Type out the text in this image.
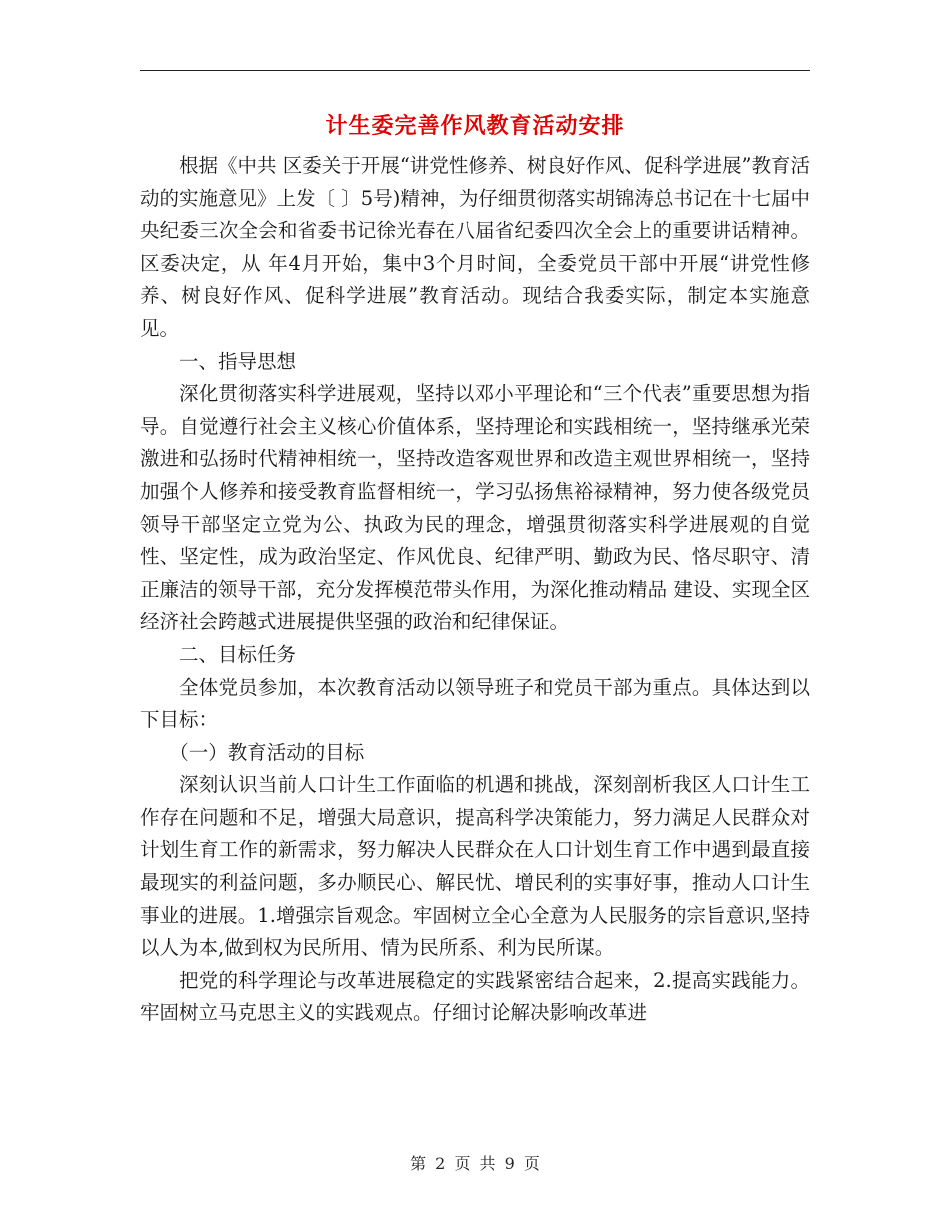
计生委完善作风教育活动安排

根据《中共 区委关于开展“讲党性修养、树良好作风、促科学进展”教育活动的实施意见》上发〔 〕5号)精神，为仔细贯彻落实胡锦涛总书记在十七届中央纪委三次全会和省委书记徐光春在八届省纪委四次全会上的重要讲话精神。区委决定，从 年4月开始，集中3个月时间，全委党员干部中开展“讲党性修养、树良好作风、促科学进展”教育活动。现结合我委实际，制定本实施意见。

一、指导思想

深化贯彻落实科学进展观，坚持以邓小平理论和“三个代表”重要思想为指导。自觉遵行社会主义核心价值体系，坚持理论和实践相统一，坚持继承光荣激进和弘扬时代精神相统一，坚持改造客观世界和改造主观世界相统一，坚持加强个人修养和接受教育监督相统一，学习弘扬焦裕禄精神，努力使各级党员领导干部坚定立党为公、执政为民的理念，增强贯彻落实科学进展观的自觉性、坚定性，成为政治坚定、作风优良、纪律严明、勤政为民、恪尽职守、清正廉洁的领导干部，充分发挥模范带头作用，为深化推动精品 建设、实现全区经济社会跨越式进展提供坚强的政治和纪律保证。

二、目标任务

全体党员参加，本次教育活动以领导班子和党员干部为重点。具体达到以下目标：

（一）教育活动的目标

深刻认识当前人口计生工作面临的机遇和挑战，深刻剖析我区人口计生工作存在问题和不足，增强大局意识，提高科学决策能力，努力满足人民群众对计划生育工作的新需求，努力解决人民群众在人口计划生育工作中遇到最直接最现实的利益问题，多办顺民心、解民忧、增民利的实事好事，推动人口计生事业的进展。1.增强宗旨观念。牢固树立全心全意为人民服务的宗旨意识,坚持以人为本,做到权为民所用、情为民所系、利为民所谋。

把党的科学理论与改革进展稳定的实践紧密结合起来，2.提高实践能力。牢固树立马克思主义的实践观点。仔细讨论解决影响改革进

第 2 页 共 9 页
